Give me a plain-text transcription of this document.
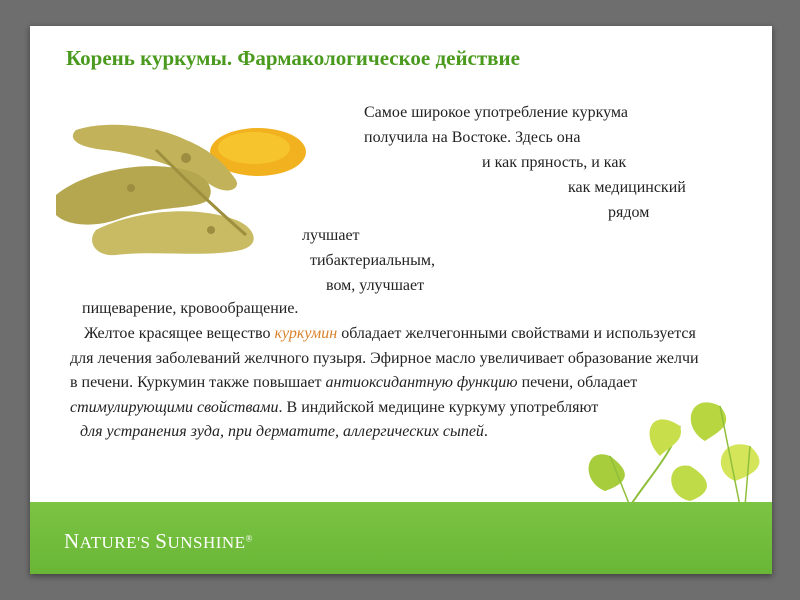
Корень куркумы. Фармакологическое действие
Самое широкое употребление куркума
получила на Востоке. Здесь она
и как пряность, и как
как медицинский
рядом
лучшает
тибактериальным,
вом, улучшает
пищеварение, кровообращение.

Желтое красящее вещество куркумин обладает желчегонными свойствами и используется для лечения заболеваний желчного пузыря. Эфирное масло увеличивает образование желчи в печени. Куркумин также повышает антиоксидантную функцию печени, обладает стимулирующими свойствами. В индийской медицине куркуму употребляют

для устранения зуда, при дерматите, аллергических сыпей.

NATURE'S SUNSHINE®
